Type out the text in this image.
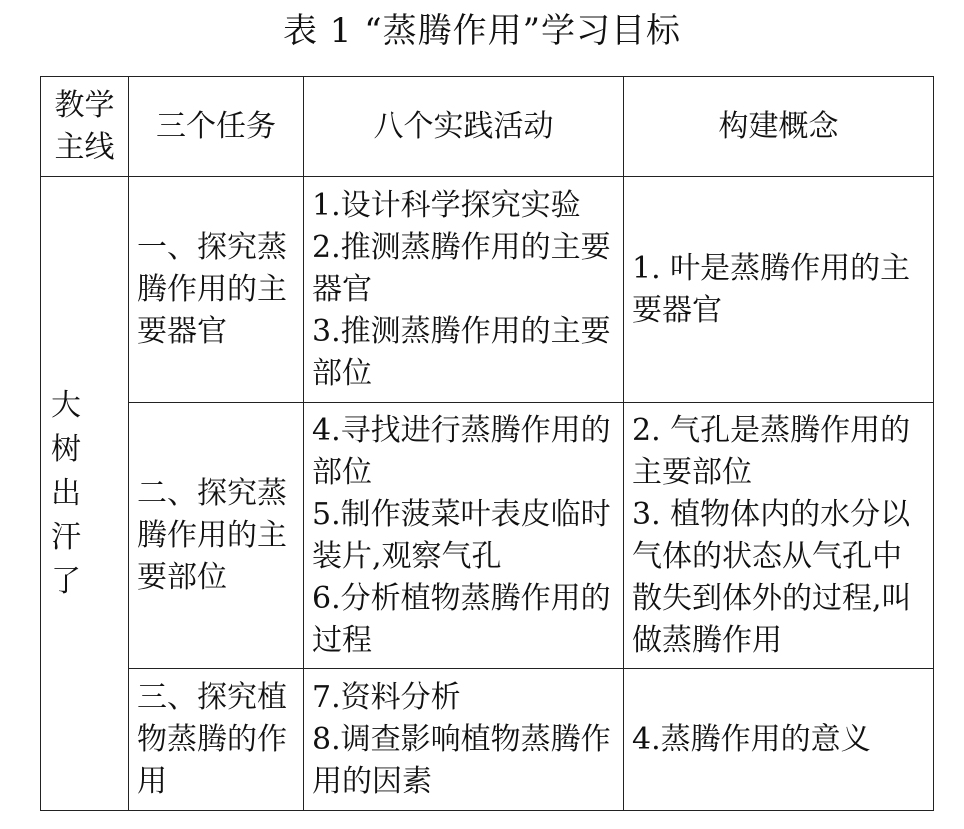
表 1 “蒸腾作用”学习目标
教学主线	三个任务	八个实践活动	构建概念
大树出汗了	一、探究蒸腾作用的主要器官	1.设计科学探究实验
2.推测蒸腾作用的主要器官
3.推测蒸腾作用的主要部位	1. 叶是蒸腾作用的主要器官

	二、探究蒸腾作用的主要部位	4.寻找进行蒸腾作用的部位
5.制作菠菜叶表皮临时装片,观察气孔
6.分析植物蒸腾作用的过程	2. 气孔是蒸腾作用的主要部位
3. 植物体内的水分以气体的状态从气孔中散失到体外的过程,叫做蒸腾作用

	三、探究植物蒸腾的作用	7.资料分析
8.调查影响植物蒸腾作用的因素	4.蒸腾作用的意义
